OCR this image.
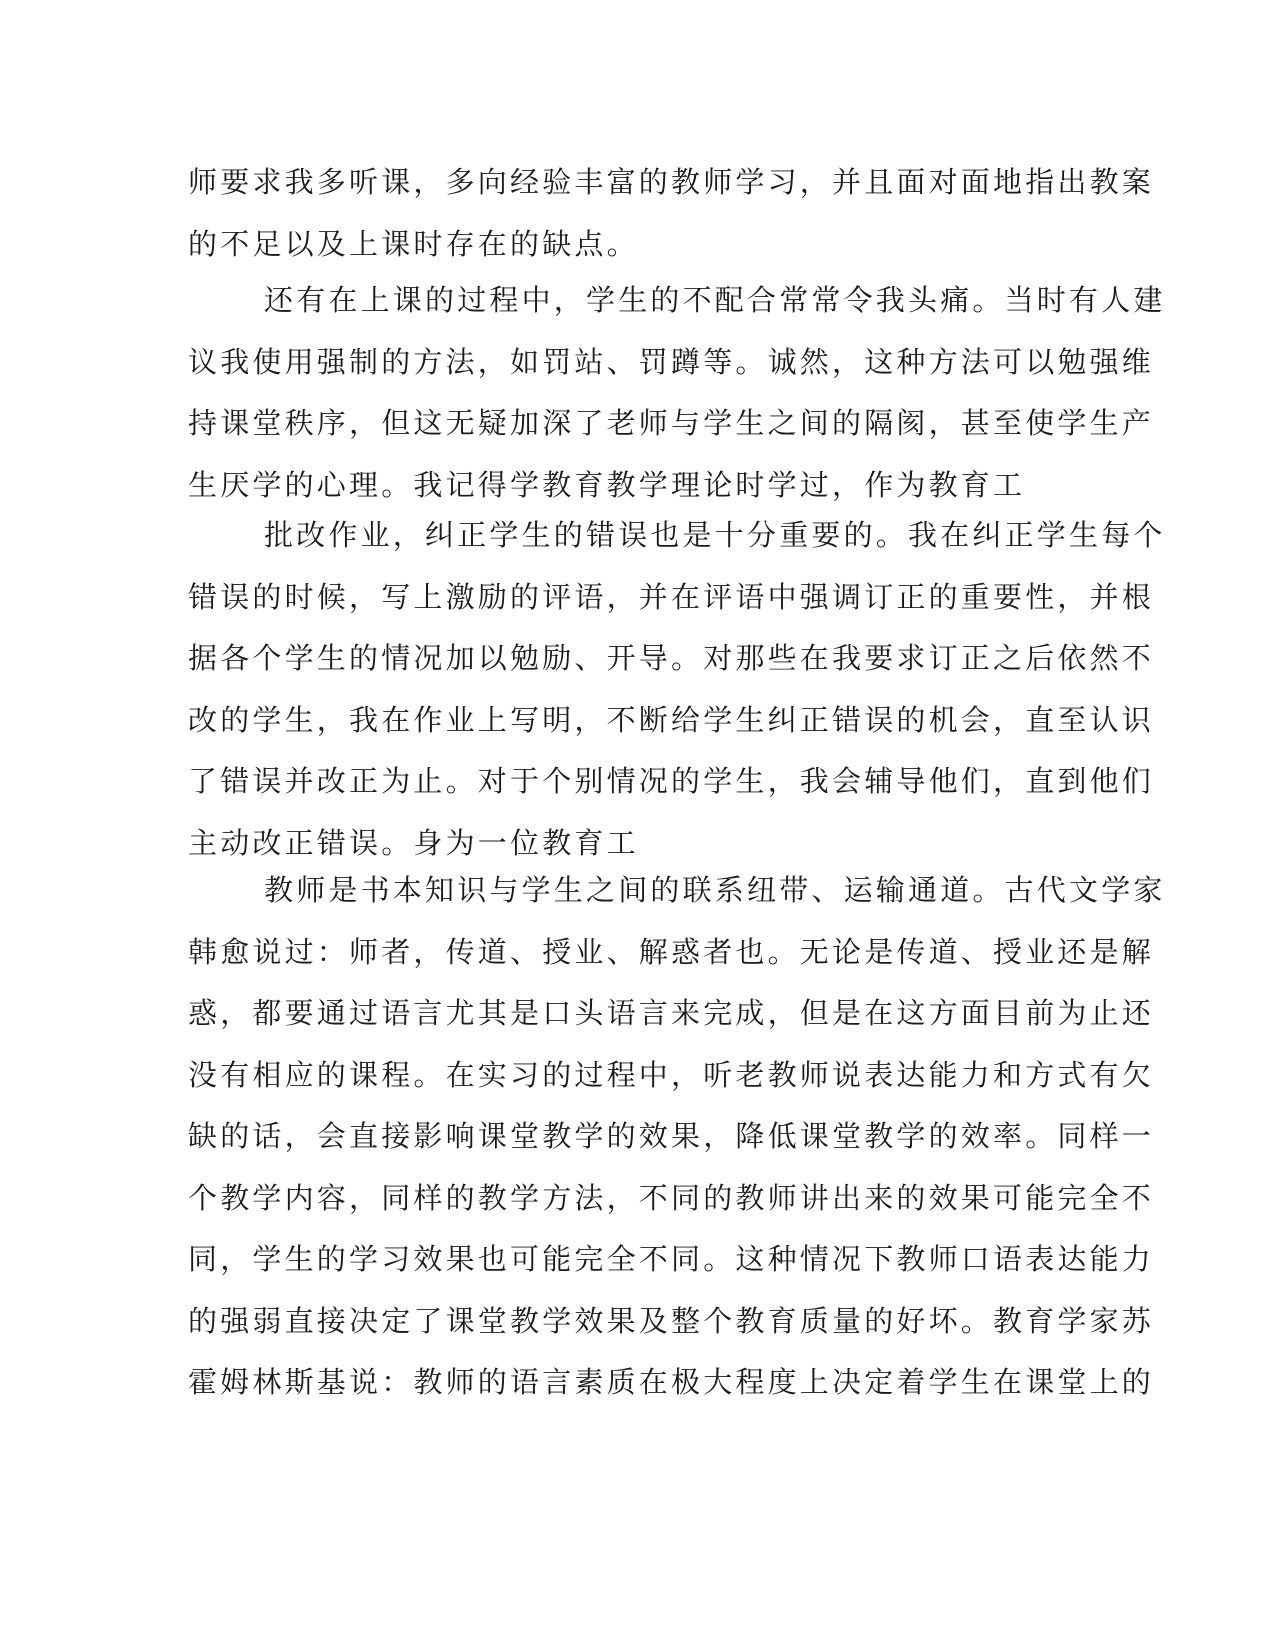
师要求我多听课，多向经验丰富的教师学习，并且面对面地指出教案
的不足以及上课时存在的缺点。
还有在上课的过程中，学生的不配合常常令我头痛。当时有人建
议我使用强制的方法，如罚站、罚蹲等。诚然，这种方法可以勉强维
持课堂秩序，但这无疑加深了老师与学生之间的隔阂，甚至使学生产
生厌学的心理。我记得学教育教学理论时学过，作为教育工
批改作业，纠正学生的错误也是十分重要的。我在纠正学生每个
错误的时候，写上激励的评语，并在评语中强调订正的重要性，并根
据各个学生的情况加以勉励、开导。对那些在我要求订正之后依然不
改的学生，我在作业上写明，不断给学生纠正错误的机会，直至认识
了错误并改正为止。对于个别情况的学生，我会辅导他们，直到他们
主动改正错误。身为一位教育工
教师是书本知识与学生之间的联系纽带、运输通道。古代文学家
韩愈说过：师者，传道、授业、解惑者也。无论是传道、授业还是解
惑，都要通过语言尤其是口头语言来完成，但是在这方面目前为止还
没有相应的课程。在实习的过程中，听老教师说表达能力和方式有欠
缺的话，会直接影响课堂教学的效果，降低课堂教学的效率。同样一
个教学内容，同样的教学方法，不同的教师讲出来的效果可能完全不
同，学生的学习效果也可能完全不同。这种情况下教师口语表达能力
的强弱直接决定了课堂教学效果及整个教育质量的好坏。教育学家苏
霍姆林斯基说：教师的语言素质在极大程度上决定着学生在课堂上的
